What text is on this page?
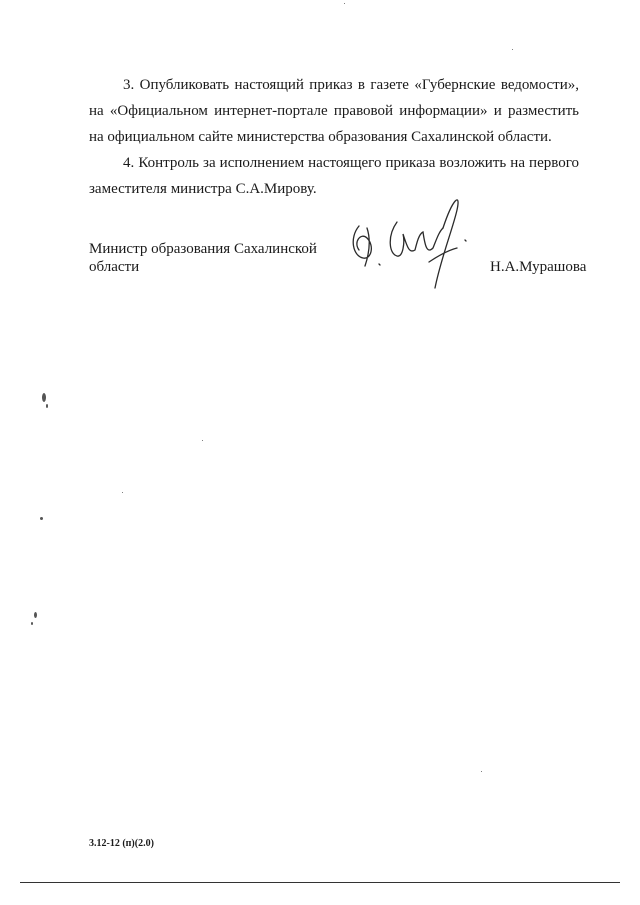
3. Опубликовать настоящий приказ в газете «Губернские ведомости», на «Официальном интернет-портале правовой информации» и разместить на официальном сайте министерства образования Сахалинской области.

4. Контроль за исполнением настоящего приказа возложить на первого заместителя министра С.А.Мирову.

Министр образования Сахалинской области	Н.А.Мурашова
3.12-12 (п)(2.0)
